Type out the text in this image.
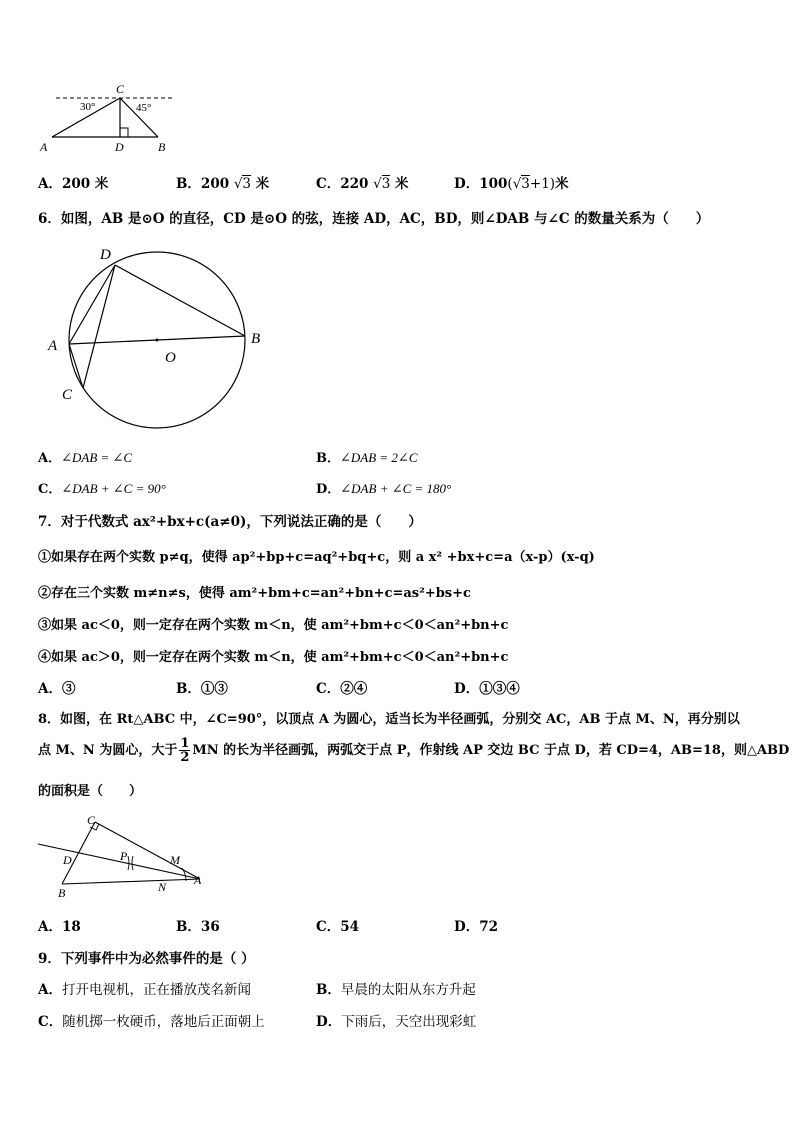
C
A	D	B
30°	45°
A．200 米	B．200 √3 米	C．220 √3 米	D．100(√3+1)米
6．如图，AB 是⊙O 的直径，CD 是⊙O 的弦，连接 AD，AC，BD，则∠DAB 与∠C 的数量关系为（　　）
D
A	B
C
O
A．∠DAB = ∠C	B．∠DAB = 2∠C
C．∠DAB + ∠C = 90°	D．∠DAB + ∠C = 180°
7．对于代数式 ax²+bx+c(a≠0)，下列说法正确的是（　　）
①如果存在两个实数 p≠q，使得 ap²+bp+c=aq²+bq+c，则 a x² +bx+c=a（x-p）(x-q)
②存在三个实数 m≠n≠s，使得 am²+bm+c=an²+bn+c=as²+bs+c
③如果 ac＜0，则一定存在两个实数 m＜n，使 am²+bm+c＜0＜an²+bn+c
④如果 ac＞0，则一定存在两个实数 m＜n，使 am²+bm+c＜0＜an²+bn+c
A．③	B．①③	C．②④	D．①③④
8．如图，在 Rt△ABC 中，∠C=90°，以顶点 A 为圆心，适当长为半径画弧，分别交 AC，AB 于点 M、N，再分别以
点 M、N 为圆心，大于 $\frac{1}{2}$ MN 的长为半径画弧，两弧交于点 P，作射线 AP 交边 BC 于点 D，若 CD=4，AB=18，则△ABD
的面积是（　　）
C
D	P	M
N A
B
A．18	B．36	C．54	D．72
9．下列事件中为必然事件的是（ ）
A．打开电视机，正在播放茂名新闻	B．早晨的太阳从东方升起
C．随机掷一枚硬币，落地后正面朝上	D．下雨后，天空出现彩虹
